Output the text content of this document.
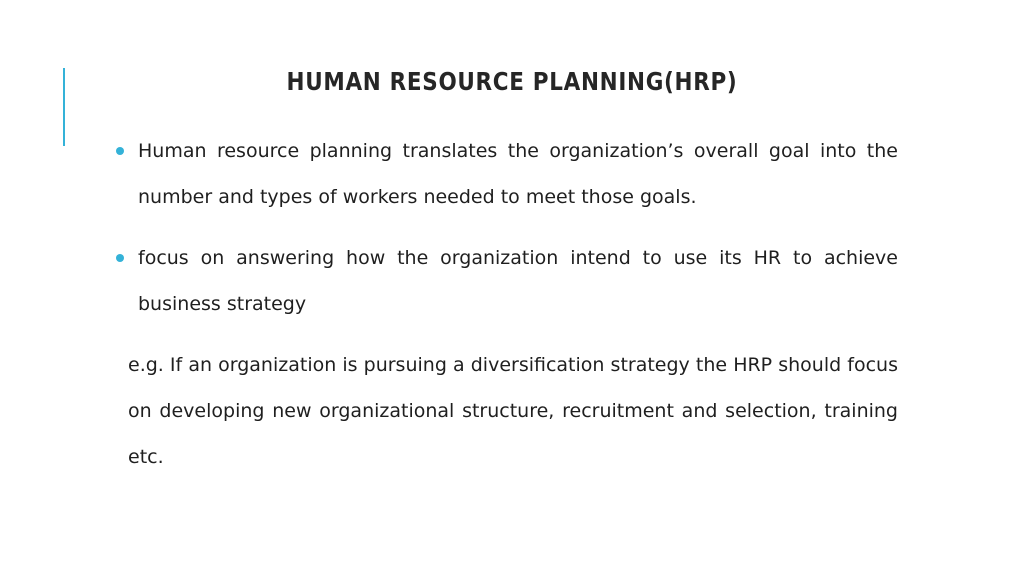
HUMAN RESOURCE PLANNING(HRP)
Human resource planning translates the organization’s overall goal into the number and types of workers needed to meet those goals.
focus on answering how the organization intend to use its HR to achieve business strategy
e.g. If an organization is pursuing a diversification strategy the HRP should focus on developing new organizational structure, recruitment and selection, training etc.
